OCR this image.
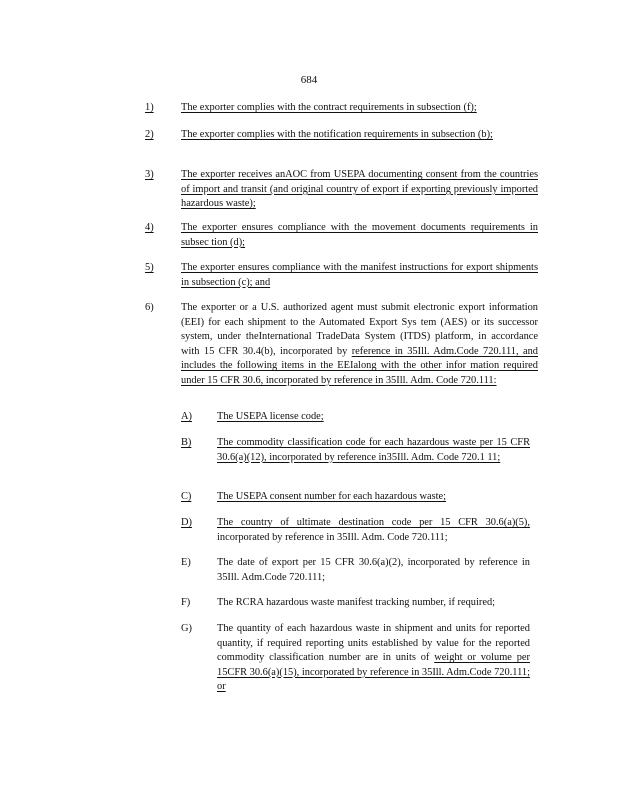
684
1)	The exporter complies with the contract requirements in subsection (f);
2)	The exporter complies with the notification requirements in subsection (b);
3)	The exporter receives anAOC from USEPA documenting consent from the countries of import and transit (and original country of export if exporting previously imported hazardous waste);
4)	The exporter ensures compliance with the movement documents requirements in subsec tion (d);
5)	The exporter ensures compliance with the manifest instructions for export shipments in subsection (c); and
6)	The exporter or a U.S. authorized agent must submit electronic export information (EEI) for each shipment to the Automated Export Sys tem (AES) or its successor system, under theInternational TradeData System (ITDS) platform, in accordance with 15 CFR 30.4(b), incorporated by reference in 35Ill. Adm.Code 720.111, and includes the following items in the EEIalong with the other infor mation required under 15 CFR 30.6, incorporated by reference in 35Ill. Adm. Code 720.111:
A) The USEPA license code;
B) The commodity classification code for each hazardous waste per 15 CFR 30.6(a)(12), incorporated by reference in35Ill. Adm. Code 720.1 11;
C) The USEPA consent number for each hazardous waste;
D) The country of ultimate destination code per 15 CFR 30.6(a)(5), incorporated by reference in 35Ill. Adm. Code 720.111;
E)	The date of export per 15 CFR 30.6(a)(2), incorporated by reference in 35Ill. Adm.Code 720.111;
F)	The RCRA hazardous waste manifest tracking number, if required;
G) The quantity of each hazardous waste in shipment and units for reported quantity, if required reporting units established by value for the reported commodity classification number are in units of weight or volume per 15CFR 30.6(a)(15), incorporated by reference in 35Ill. Adm.Code 720.111; or
